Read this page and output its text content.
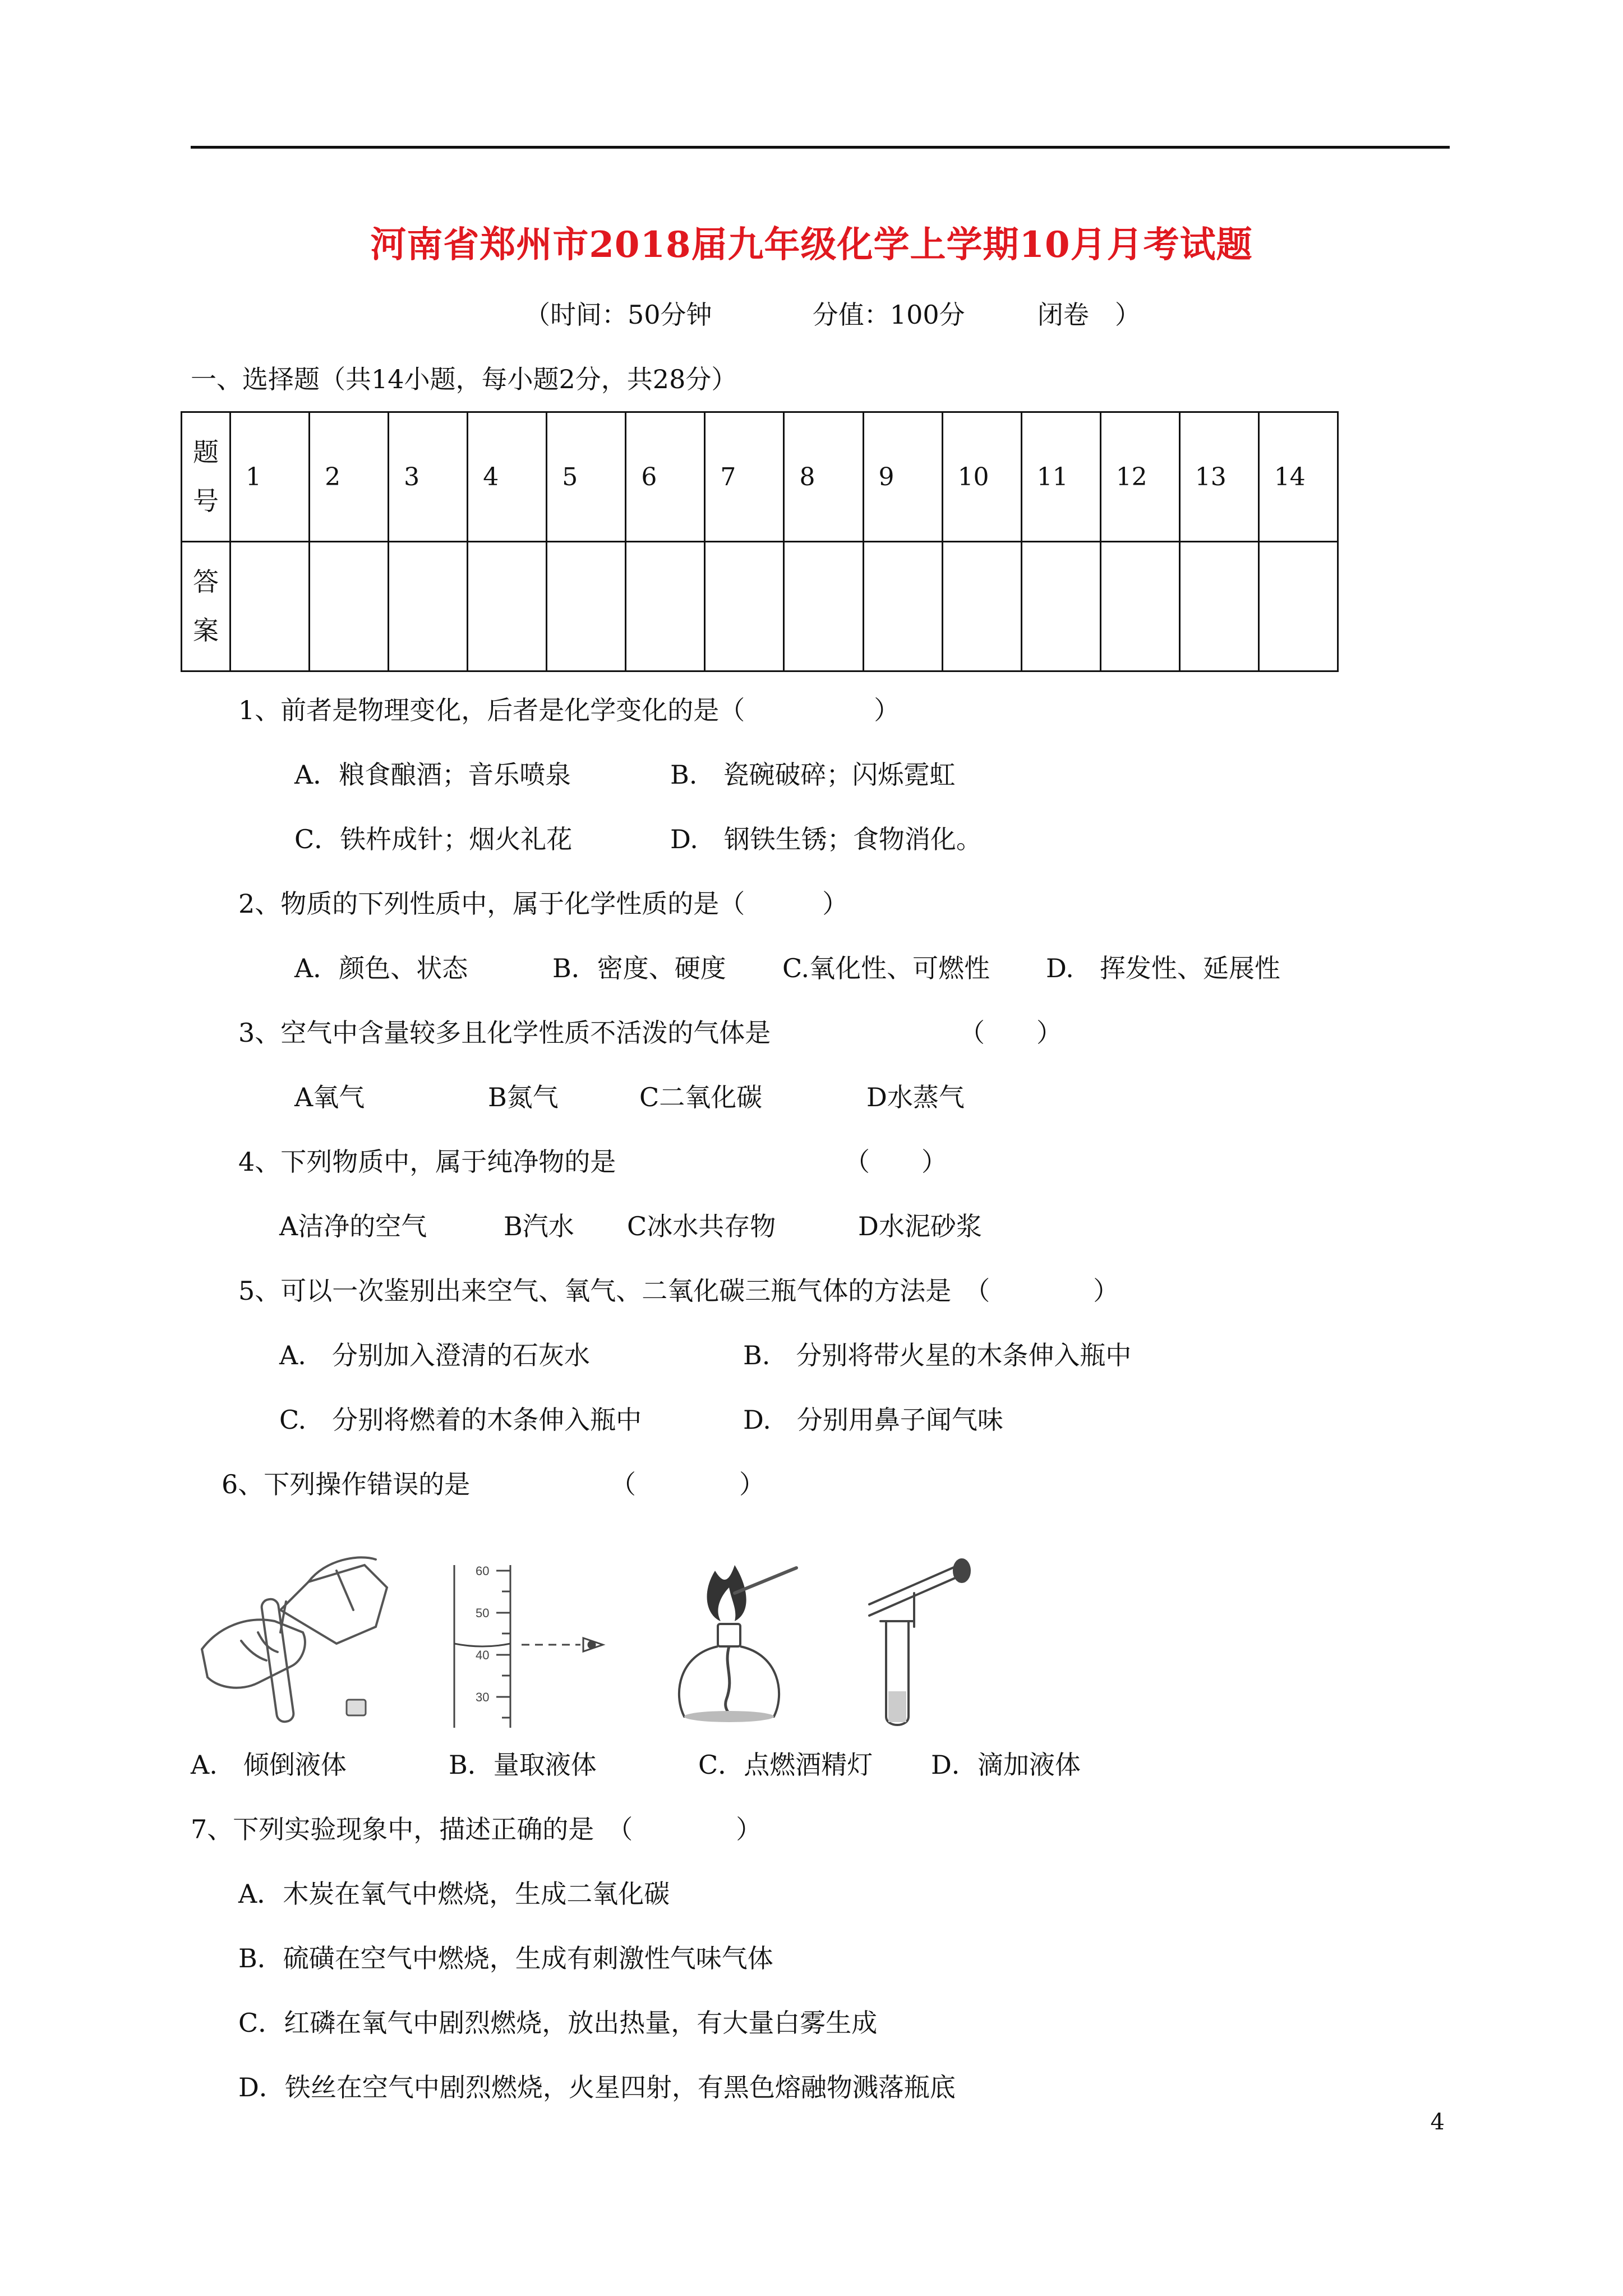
河南省郑州市2018届九年级化学上学期10月月考试题
（时间：50分钟	分值：100分	闭卷　）
一、选择题（共14小题，每小题2分，共28分）
题
号	1	2	3	4	5	6	7	8	9	10	11	12	13	14
答
案														
1、前者是物理变化，后者是化学变化的是（　　　　　）
A．粮食酿酒；音乐喷泉	B.　瓷碗破碎；闪烁霓虹
C．铁杵成针；烟火礼花	D.　钢铁生锈；食物消化。
2、物质的下列性质中，属于化学性质的是（　　　）
A．颜色、状态	B．密度、硬度 C.氧化性、可燃性 D.　挥发性、延展性
3、空气中含量较多且化学性质不活泼的气体是	（　　）
A氧气	B氮气	C二氧化碳	D水蒸气
4、下列物质中，属于纯净物的是	（　　）
A洁净的空气	B汽水 C冰水共存物	D水泥砂浆
5、可以一次鉴别出来空气、氧气、二氧化碳三瓶气体的方法是　（　　　　）
A.　分别加入澄清的石灰水	B.　分别将带火星的木条伸入瓶中
C.　分别将燃着的木条伸入瓶中	D.　分别用鼻子闻气味
6、下列操作错误的是	（　　　　）
60
50
40
30
A.　倾倒液体	B．量取液体	C．点燃酒精灯 D．滴加液体
7、下列实验现象中，描述正确的是　（　　　　）
A．木炭在氧气中燃烧，生成二氧化碳
B．硫磺在空气中燃烧，生成有刺激性气味气体
C．红磷在氧气中剧烈燃烧，放出热量，有大量白雾生成
D．铁丝在空气中剧烈燃烧，火星四射，有黑色熔融物溅落瓶底
4
